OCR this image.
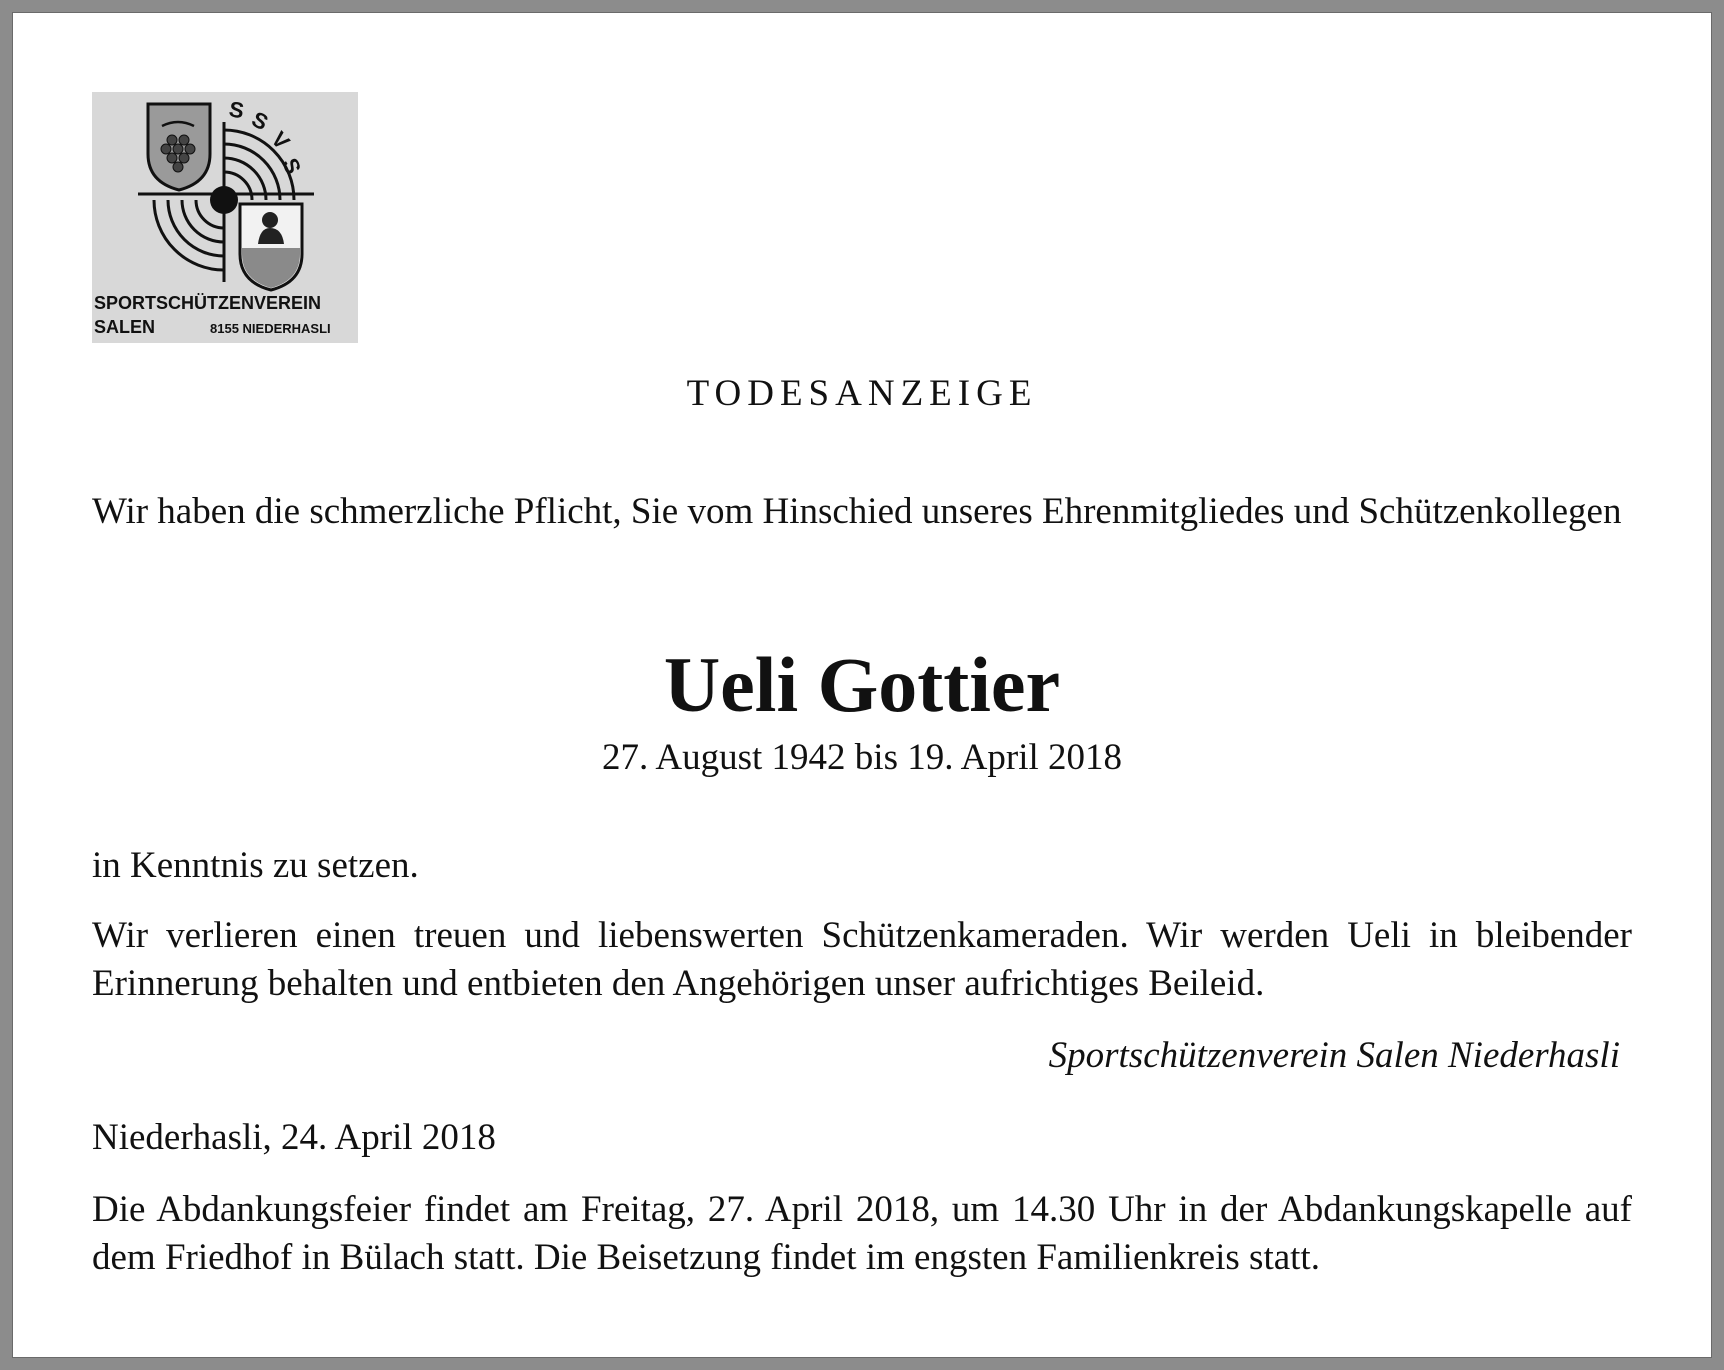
S S
V
S
SPORTSCHÜTZENVEREIN
SALEN	8155 NIEDERHASLI
TODESANZEIGE
Wir haben die schmerzliche Pflicht, Sie vom Hinschied unseres Ehrenmitgliedes und Schützenkollegen
Ueli Gottier
27. August 1942 bis 19. April 2018
in Kenntnis zu setzen.
Wir verlieren einen treuen und liebenswerten Schützenkameraden. Wir werden Ueli in bleibender Erinnerung behalten und entbieten den Angehörigen unser aufrichtiges Beileid.
Sportschützenverein Salen Niederhasli
Niederhasli, 24. April 2018
Die Abdankungsfeier findet am Freitag, 27. April 2018, um 14.30 Uhr in der Abdankungskapelle auf dem Friedhof in Bülach statt. Die Beisetzung findet im engsten Familienkreis statt.
